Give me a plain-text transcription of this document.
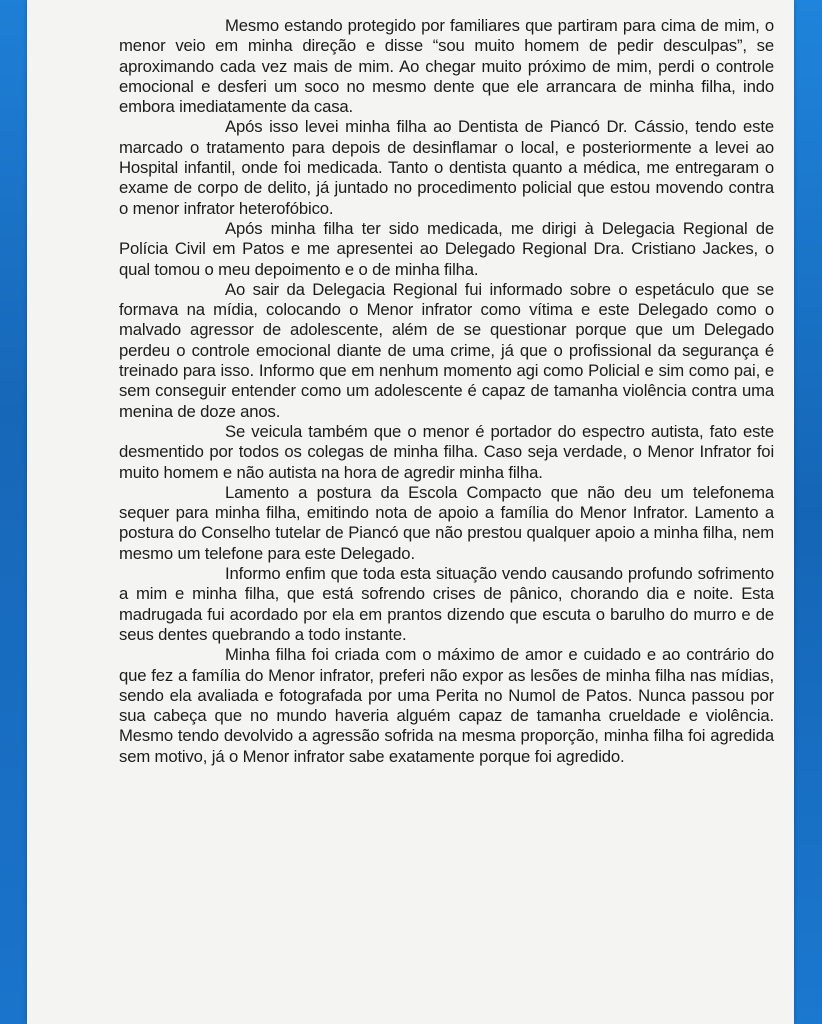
Mesmo estando protegido por familiares que partiram para cima de mim, o menor veio em minha direção e disse “sou muito homem de pedir desculpas”, se aproximando cada vez mais de mim. Ao chegar muito próximo de mim, perdi o controle emocional e desferi um soco no mesmo dente que ele arrancara de minha filha, indo embora imediatamente da casa.

Após isso levei minha filha ao Dentista de Piancó Dr. Cássio, tendo este marcado o tratamento para depois de desinflamar o local, e posteriormente a levei ao Hospital infantil, onde foi medicada. Tanto o dentista quanto a médica, me entregaram o exame de corpo de delito, já juntado no procedimento policial que estou movendo contra o menor infrator heterofóbico.

Após minha filha ter sido medicada, me dirigi à Delegacia Regional de Polícia Civil em Patos e me apresentei ao Delegado Regional Dra. Cristiano Jackes, o qual tomou o meu depoimento e o de minha filha.

Ao sair da Delegacia Regional fui informado sobre o espetáculo que se formava na mídia, colocando o Menor infrator como vítima e este Delegado como o malvado agressor de adolescente, além de se questionar porque que um Delegado perdeu o controle emocional diante de uma crime, já que o profissional da segurança é treinado para isso. Informo que em nenhum momento agi como Policial e sim como pai, e sem conseguir entender como um adolescente é capaz de tamanha violência contra uma menina de doze anos.

Se veicula também que o menor é portador do espectro autista, fato este desmentido por todos os colegas de minha filha. Caso seja verdade, o Menor Infrator foi muito homem e não autista na hora de agredir minha filha.

Lamento a postura da Escola Compacto que não deu um telefonema sequer para minha filha, emitindo nota de apoio a família do Menor Infrator. Lamento a postura do Conselho tutelar de Piancó que não prestou qualquer apoio a minha filha, nem mesmo um telefone para este Delegado.

Informo enfim que toda esta situação vendo causando profundo sofrimento a mim e minha filha, que está sofrendo crises de pânico, chorando dia e noite. Esta madrugada fui acordado por ela em prantos dizendo que escuta o barulho do murro e de seus dentes quebrando a todo instante.

Minha filha foi criada com o máximo de amor e cuidado e ao contrário do que fez a família do Menor infrator, preferi não expor as lesões de minha filha nas mídias, sendo ela avaliada e fotografada por uma Perita no Numol de Patos. Nunca passou por sua cabeça que no mundo haveria alguém capaz de tamanha crueldade e violência. Mesmo tendo devolvido a agressão sofrida na mesma proporção, minha filha foi agredida sem motivo, já o Menor infrator sabe exatamente porque foi agredido.
